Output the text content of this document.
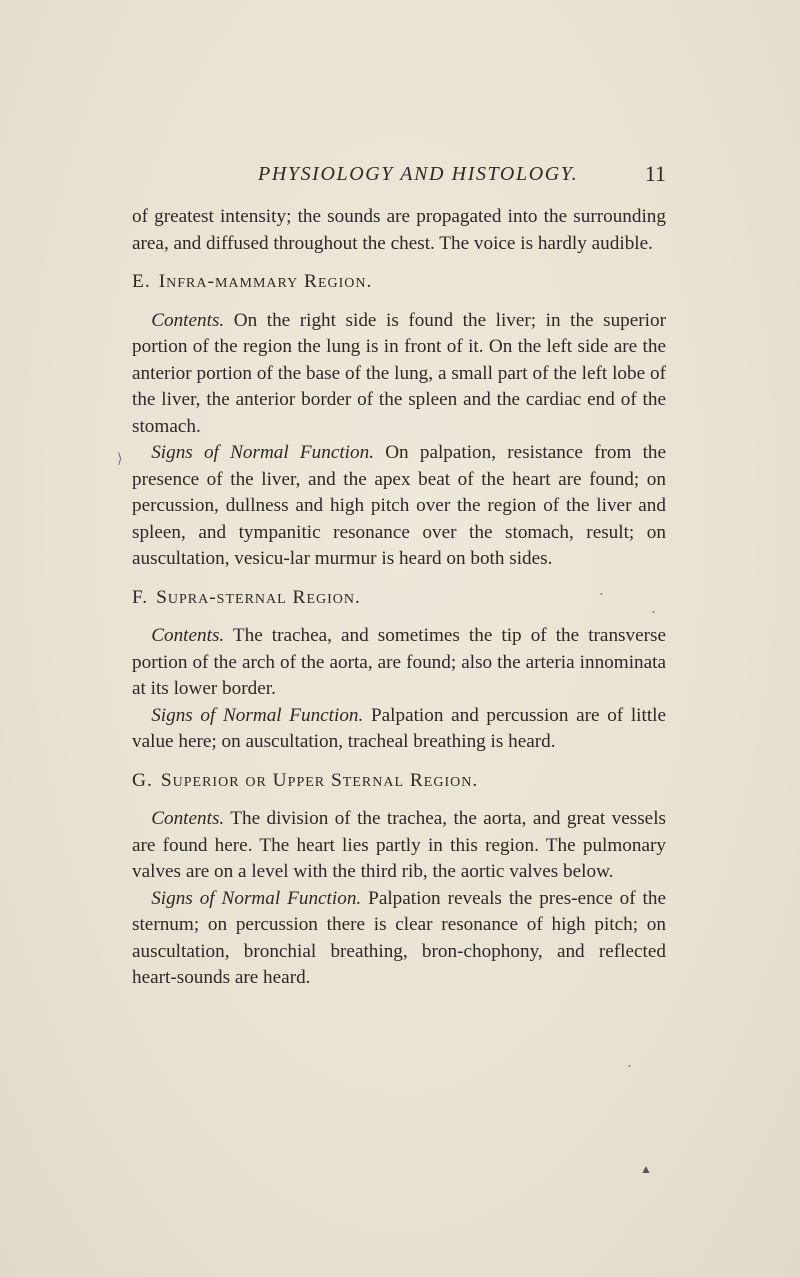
PHYSIOLOGY AND HISTOLOGY.	11

of greatest intensity; the sounds are propagated into the surrounding area, and diffused throughout the chest. The voice is hardly audible.

E. Infra-mammary Region.

 Contents. On the right side is found the liver; in the superior portion of the region the lung is in front of it. On the left side are the anterior portion of the base of the lung, a small part of the left lobe of the liver, the anterior border of the spleen and the cardiac end of the stomach.

 Signs of Normal Function. On palpation, resistance from the presence of the liver, and the apex beat of the heart are found; on percussion, dullness and high pitch over the region of the liver and spleen, and tympanitic resonance over the stomach, result; on auscultation, vesicu-lar murmur is heard on both sides.

F. Supra-sternal Region.

 Contents. The trachea, and sometimes the tip of the transverse portion of the arch of the aorta, are found; also the arteria innominata at its lower border.

 Signs of Normal Function. Palpation and percussion are of little value here; on auscultation, tracheal breathing is heard.

G. Superior or Upper Sternal Region.

 Contents. The division of the trachea, the aorta, and great vessels are found here. The heart lies partly in this region. The pulmonary valves are on a level with the third rib, the aortic valves below.

 Signs of Normal Function. Palpation reveals the pres-ence of the sternum; on percussion there is clear resonance of high pitch; on auscultation, bronchial breathing, bron-chophony, and reflected heart-sounds are heard.

⟩
•
•
•
▲
